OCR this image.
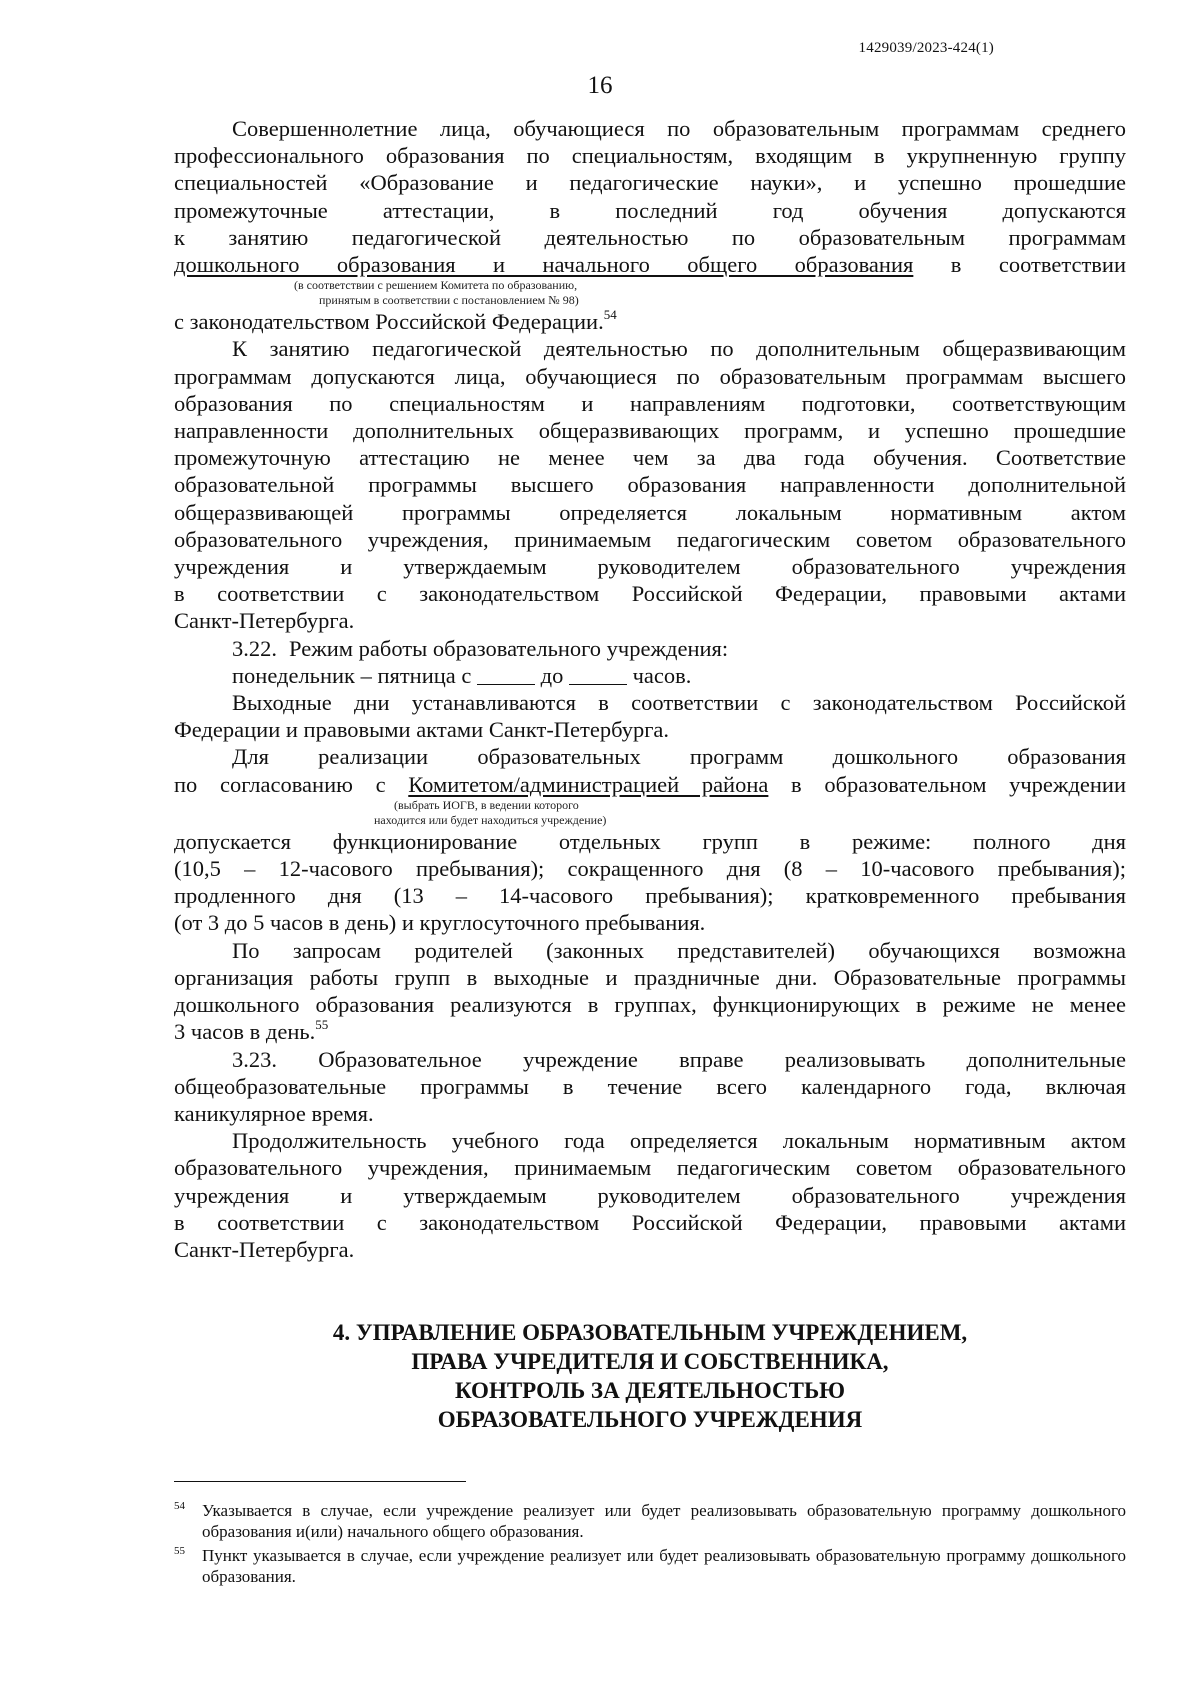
1429039/2023-424(1)
16
Совершеннолетние лица, обучающиеся по образовательным программам среднего
профессионального образования по специальностям, входящим в укрупненную группу
специальностей «Образование и педагогические науки», и успешно прошедшие
промежуточные аттестации, в последний год обучения допускаются
к занятию педагогической деятельностью по образовательным программам
дошкольного образования и начального общего образования в соответствии
(в соответствии с решением Комитета по образованию,
принятым в соответствии с постановлением № 98)
с законодательством Российской Федерации.$^{54}$
К занятию педагогической деятельностью по дополнительным общеразвивающим
программам допускаются лица, обучающиеся по образовательным программам высшего
образования по специальностям и направлениям подготовки, соответствующим
направленности дополнительных общеразвивающих программ, и успешно прошедшие
промежуточную аттестацию не менее чем за два года обучения. Соответствие
образовательной программы высшего образования направленности дополнительной
общеразвивающей программы определяется локальным нормативным актом
образовательного учреждения, принимаемым педагогическим советом образовательного
учреждения и утверждаемым руководителем образовательного учреждения
в соответствии с законодательством Российской Федерации, правовыми актами
Санкт-Петербурга.
3.22. Режим работы образовательного учреждения:
понедельник – пятница с	до	часов.
Выходные дни устанавливаются в соответствии с законодательством Российской
Федерации и правовыми актами Санкт-Петербурга.
Для реализации образовательных программ дошкольного образования
по согласованию с Комитетом/администрацией района в образовательном учреждении
(выбрать ИОГВ, в ведении которого
находится или будет находиться учреждение)
допускается функционирование отдельных групп в режиме: полного дня
(10,5 – 12-часового пребывания); сокращенного дня (8 – 10-часового пребывания);
продленного дня (13 – 14-часового пребывания); кратковременного пребывания
(от 3 до 5 часов в день) и круглосуточного пребывания.
По запросам родителей (законных представителей) обучающихся возможна
организация работы групп в выходные и праздничные дни. Образовательные программы
дошкольного образования реализуются в группах, функционирующих в режиме не менее
3 часов в день.$^{55}$
3.23. Образовательное учреждение вправе реализовывать дополнительные
общеобразовательные программы в течение всего календарного года, включая
каникулярное время.
Продолжительность учебного года определяется локальным нормативным актом
образовательного учреждения, принимаемым педагогическим советом образовательного
учреждения и утверждаемым руководителем образовательного учреждения
в соответствии с законодательством Российской Федерации, правовыми актами
Санкт-Петербурга.
4. УПРАВЛЕНИЕ ОБРАЗОВАТЕЛЬНЫМ УЧРЕЖДЕНИЕМ,
ПРАВА УЧРЕДИТЕЛЯ И СОБСТВЕННИКА,
КОНТРОЛЬ ЗА ДЕЯТЕЛЬНОСТЬЮ
ОБРАЗОВАТЕЛЬНОГО УЧРЕЖДЕНИЯ

54 Указывается в случае, если учреждение реализует или будет реализовывать образовательную программу дошкольного образования и(или) начального общего образования.

55 Пункт указывается в случае, если учреждение реализует или будет реализовывать образовательную программу дошкольного образования.
